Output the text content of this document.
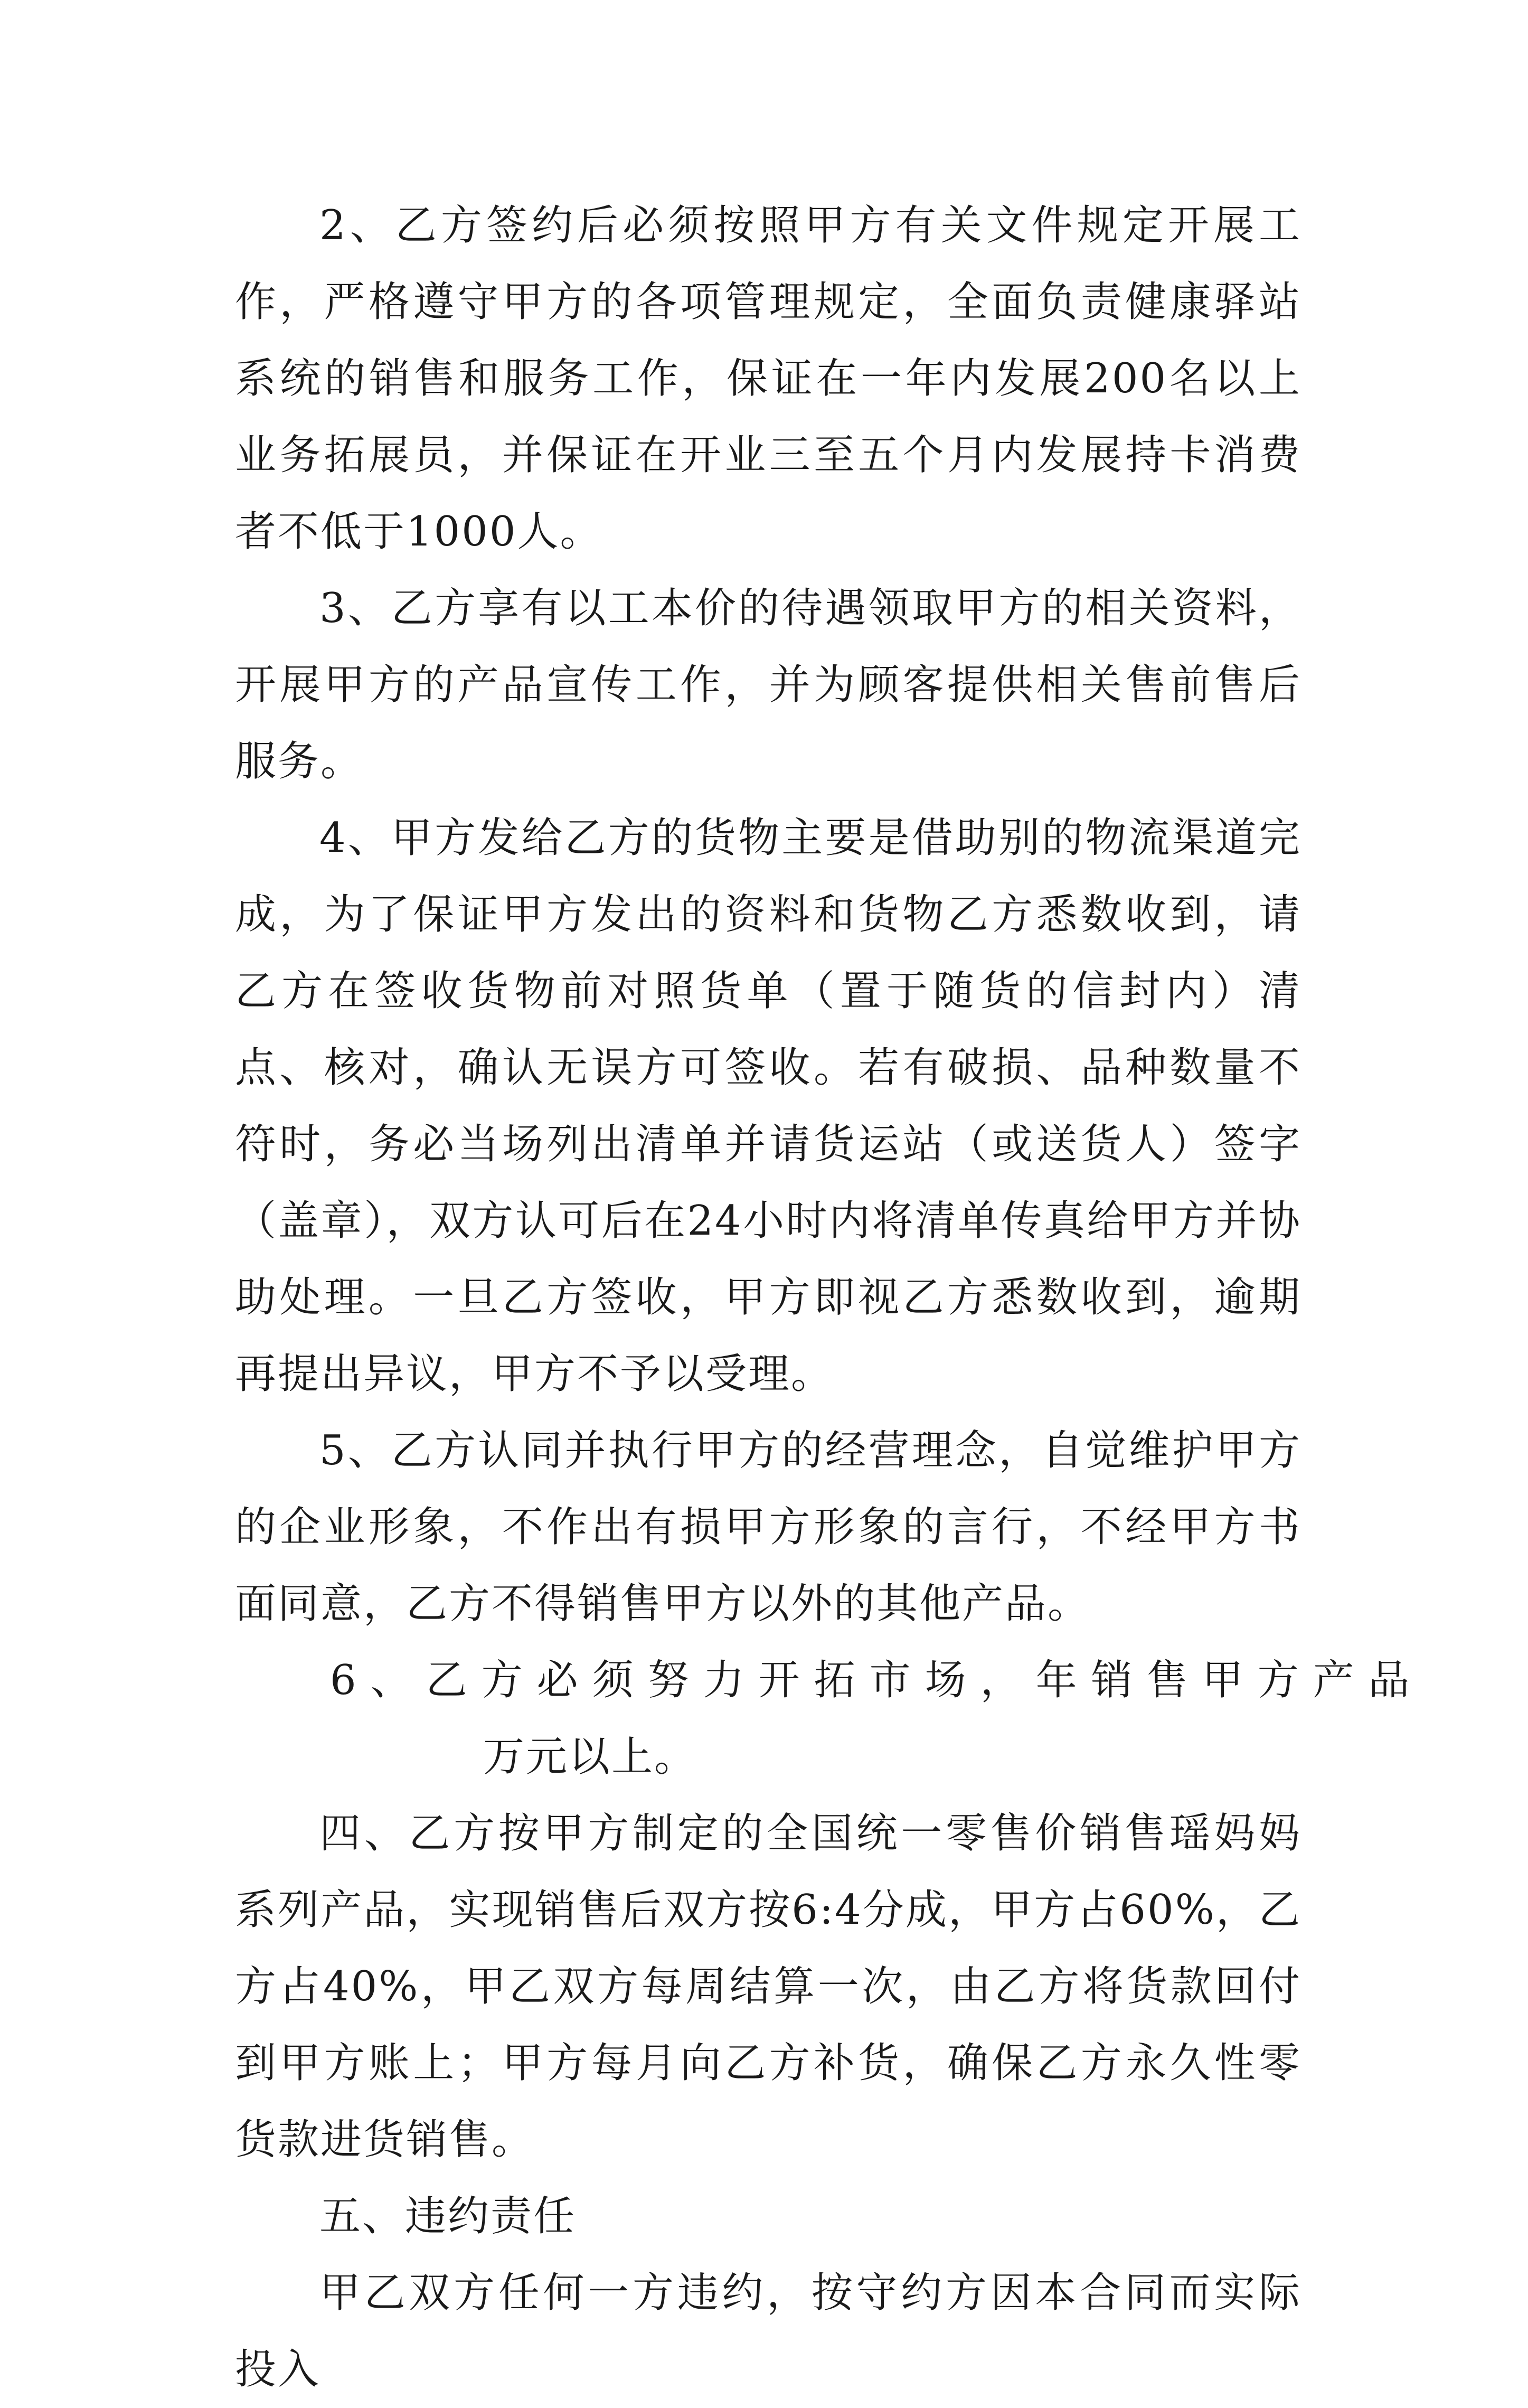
2、乙方签约后必须按照甲方有关文件规定开展工作，严格遵守甲方的各项管理规定，全面负责健康驿站系统的销售和服务工作，保证在一年内发展200名以上业务拓展员，并保证在开业三至五个月内发展持卡消费者不低于1000人。

3、乙方享有以工本价的待遇领取甲方的相关资料，开展甲方的产品宣传工作，并为顾客提供相关售前售后服务。

4、甲方发给乙方的货物主要是借助别的物流渠道完成，为了保证甲方发出的资料和货物乙方悉数收到，请乙方在签收货物前对照货单（置于随货的信封内）清点、核对，确认无误方可签收。若有破损、品种数量不符时，务必当场列出清单并请货运站（或送货人）签字（盖章），双方认可后在24小时内将清单传真给甲方并协助处理。一旦乙方签收，甲方即视乙方悉数收到，逾期再提出异议，甲方不予以受理。

5、乙方认同并执行甲方的经营理念，自觉维护甲方的企业形象，不作出有损甲方形象的言行，不经甲方书面同意，乙方不得销售甲方以外的其他产品。

6、乙方必须努力开拓市场，年销售甲方产品

万元以上。

四、乙方按甲方制定的全国统一零售价销售瑶妈妈系列产品，实现销售后双方按6:4分成，甲方占60%，乙方占40%，甲乙双方每周结算一次，由乙方将货款回付到甲方账上；甲方每月向乙方补货，确保乙方永久性零货款进货销售。

五、违约责任

甲乙双方任何一方违约，按守约方因本合同而实际投入
